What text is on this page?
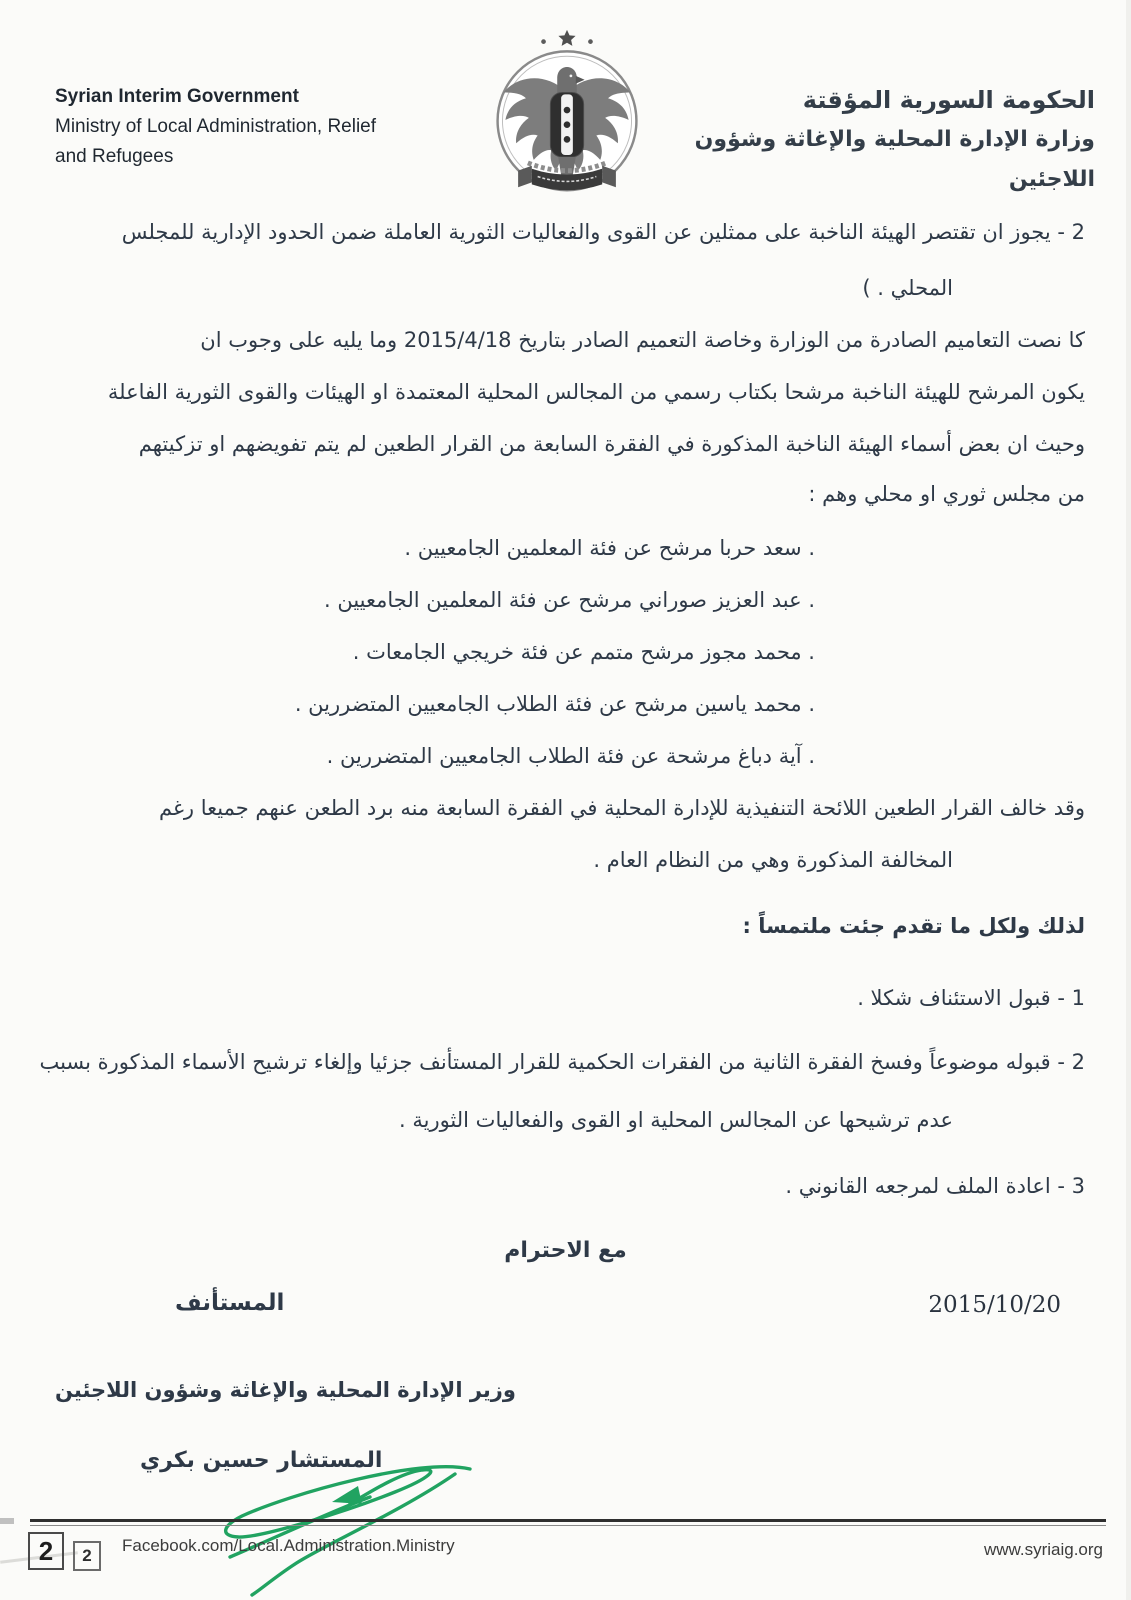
Syrian Interim Government
Ministry of Local Administration, Relief
and Refugees
الحكومة السورية المؤقتة
وزارة الإدارة المحلية والإغاثة وشؤون اللاجئين
2 - يجوز ان تقتصر الهيئة الناخبة على ممثلين عن القوى والفعاليات الثورية العاملة ضمن الحدود الإدارية للمجلس
المحلي . )
كا نصت التعاميم الصادرة من الوزارة وخاصة التعميم الصادر بتاريخ 2015/4/18 وما يليه على وجوب ان
يكون المرشح للهيئة الناخبة مرشحا بكتاب رسمي من المجالس المحلية المعتمدة او الهيئات والقوى الثورية الفاعلة
وحيث ان بعض أسماء الهيئة الناخبة المذكورة في الفقرة السابعة من القرار الطعين لم يتم تفويضهم او تزكيتهم
من مجلس ثوري او محلي وهم :
. سعد حربا مرشح عن فئة المعلمين الجامعيين .
. عبد العزيز صوراني مرشح عن فئة المعلمين الجامعيين .
. محمد مجوز مرشح متمم عن فئة خريجي الجامعات .
. محمد ياسين مرشح عن فئة الطلاب الجامعيين المتضررين .
. آية دباغ مرشحة عن فئة الطلاب الجامعيين المتضررين .
وقد خالف القرار الطعين اللائحة التنفيذية للإدارة المحلية في الفقرة السابعة منه برد الطعن عنهم جميعا رغم
المخالفة المذكورة وهي من النظام العام .
لذلك ولكل ما تقدم جئت ملتمساً :
1 - قبول الاستئناف شكلا .
2 - قبوله موضوعاً وفسخ الفقرة الثانية من الفقرات الحكمية للقرار المستأنف جزئيا وإلغاء ترشيح الأسماء المذكورة بسبب
عدم ترشيحها عن المجالس المحلية او القوى والفعاليات الثورية .
3 - اعادة الملف لمرجعه القانوني .
مع الاحترام
المستأنف	2015/10/20
وزير الإدارة المحلية والإغاثة وشؤون اللاجئين
المستشار حسين بكري
2	2
Facebook.com/Local.Administration.Ministry	www.syriaig.org
